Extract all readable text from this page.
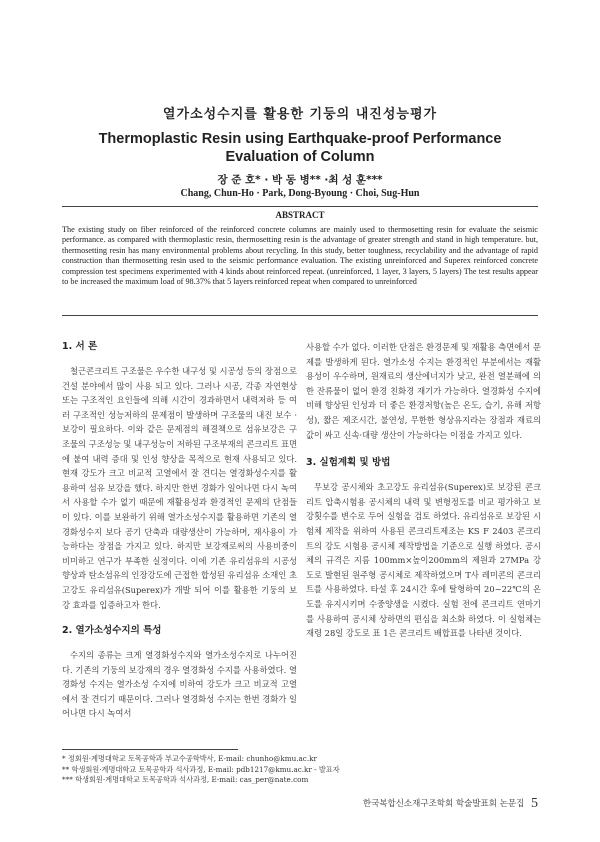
열가소성수지를 활용한 기둥의 내진성능평가
Thermoplastic Resin using Earthquake-proof Performance
Evaluation of Column
장 준 호* · 박 동 병** ·최 성 훈***
Chang, Chun-Ho · Park, Dong-Byoung · Choi, Sug-Hun
ABSTRACT
The existing study on fiber reinforced of the reinforced concrete columns are mainly used to thermosetting resin for evaluate the seismic performance. as compared with thermoplastic resin, thermosetting resin is the advantage of greater strength and stand in high temperature. but, thermosetting resin has many environmental problems about recycling. In this study, better toughness, recyclability and the advantage of rapid construction than thermosetting resin used to the seismic performance evaluation. The existing unreinforced and Superex reinforced concrete compression test specimens experimented with 4 kinds about reinforced repeat. (unreinforced, 1 layer, 3 layers, 5 layers) The test results appear to be increased the maximum load of 98.37% that 5 layers reinforced repeat when compared to unreinforced
1. 서 론

철근콘크리트 구조물은 우수한 내구성 및 시공성 등의 장점으로 건설 분야에서 많이 사용 되고 있다. 그러나 시공, 각종 자연현상 또는 구조적인 요인들에 의해 시간이 경과하면서 내력저하 등 여러 구조적인 성능저하의 문제점이 발생하며 구조물의 내진 보수 · 보강이 필요하다. 이와 같은 문제점의 해결책으로 섬유보강은 구조물의 구조성능 및 내구성능이 저하된 구조부재의 콘크리트 표면에 붙여 내력 증대 및 인성 향상을 목적으로 현재 사용되고 있다. 현재 강도가 크고 비교적 고열에서 잘 견디는 열경화성수지를 활용하여 섬유 보강을 했다. 하지만 한번 경화가 일어나면 다시 녹여서 사용할 수가 없기 때문에 재활용성과 환경적인 문제의 단점들이 있다. 이를 보완하기 위해 열가소성수지를 활용하면 기존의 열경화성수지 보다 공기 단축과 대량생산이 가능하며, 재사용이 가능하다는 장점을 가지고 있다. 하지만 보강재로써의 사용비중이 비미하고 연구가 부족한 실정이다. 이에 기존 유리섬유의 시공성 향상과 탄소섬유의 인장강도에 근접한 합성된 유리섬유 소재인 초고강도 유리섬유(Superex)가 개발 되어 이를 활용한 기둥의 보강 효과를 입증하고자 한다.

2. 열가소성수지의 특성

수지의 종류는 크게 열경화성수지와 열가소성수지로 나누어진다. 기존의 기둥의 보강재의 경우 열경화성 수지를 사용하였다. 열경화성 수지는 열가소성 수지에 비하여 강도가 크고 비교적 고열에서 잘 견디기 때문이다. 그러나 열경화성 수지는 한번 경화가 일어나면 다시 녹여서

사용할 수가 없다. 이러한 단점은 환경문제 및 재활용 측면에서 문제를 발생하게 된다. 열가소성 수지는 환경적인 부분에서는 재활용성이 우수하며, 원재료의 생산에너지가 낮고, 완전 열분해에 의한 잔류물이 없어 환경 친화경 재기가 가능하다. 열경화성 수지에 비해 향상된 인성과 더 좋은 환경저항(높은 온도, 습기, 유해 저항성), 짧은 제조시간, 불연성, 무한한 형상유지라는 장점과 재료의 값이 싸고 신속·대량 생산이 가능하다는 이점을 가지고 있다.

3. 실험계획 및 방법

무보강 공시체와 초고강도 유리섬유(Superex)로 보강된 콘크리트 압축시험용 공시체의 내력 및 변형정도를 비교 평가하고 보강횟수를 변수로 두어 실험을 검토 하였다. 유리섬유로 보강된 시험체 제작을 위하여 사용된 콘크리트제조는 KS F 2403 콘크리트의 강도 시험용 공시체 제작방법을 기준으로 실행 하였다. 공시체의 규격은 지름 100mm×높이200mm의 제원과 27MPa 강도로 발현된 원주형 공시체로 제작하였으며 T사 레미콘의 콘크리트를 사용하였다. 타설 후 24시간 후에 탈형하여 20~22℃의 온도를 유지시키며 수중양생을 시켰다. 실험 전에 콘크리트 연마기를 사용하여 공시체 상하면의 편심을 최소화 하였다. 이 실험체는 재령 28일 강도로 표 1은 콘크리트 배합표를 나타낸 것이다.

* 정회원·계명대학교 토목공학과 부교수공학박사, E-mail: chunho@kmu.ac.kr
** 학생회원·계명대학교 토목공학과 석사과정, E-mail: pdb1217@kmu.ac.kr - 발표자
*** 학생회원·계명대학교 토목공학과 석사과정, E-mail: cas_per@nate.com
한국복합신소재구조학회 학술발표회 논문집 5
